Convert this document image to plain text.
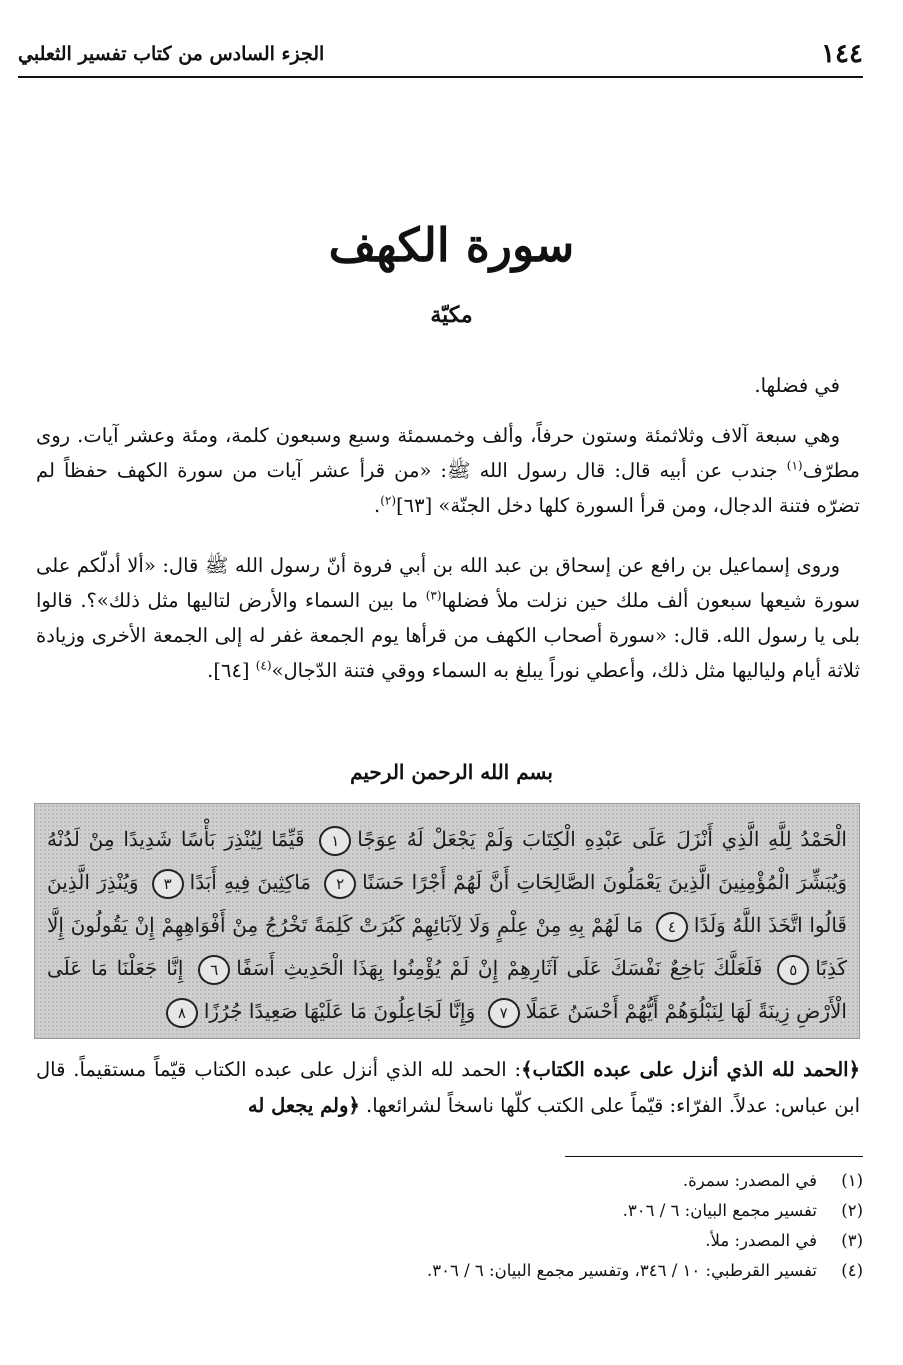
١٤٤
الجزء السادس من كتاب تفسير الثعلبي
سورة الكهف
مكيّة
في فضلها.
وهي سبعة آلاف وثلاثمئة وستون حرفاً، وألف وخمسمئة وسبع وسبعون كلمة، ومئة وعشر آيات. روى مطرّف$^{(١)}$ جندب عن أبيه قال: قال رسول الله ﷺ: «من قرأ عشر آيات من سورة الكهف حفظاً لم تضرّه فتنة الدجال، ومن قرأ السورة كلها دخل الجنّة» [٦٣]$^{(٢)}$.
وروى إسماعيل بن رافع عن إسحاق بن عبد الله بن أبي فروة أنّ رسول الله ﷺ قال: «ألا أدلّكم على سورة شيعها سبعون ألف ملك حين نزلت ملأ فضلها$^{(٣)}$ ما بين السماء والأرض لتاليها مثل ذلك»؟. قالوا بلى يا رسول الله. قال: «سورة أصحاب الكهف من قرأها يوم الجمعة غفر له إلى الجمعة الأخرى وزيادة ثلاثة أيام ولياليها مثل ذلك، وأعطي نوراً يبلغ به السماء ووقي فتنة الدّجال»$^{(٤)}$ [٦٤].
بسم الله الرحمن الرحيم
الْحَمْدُ لِلَّهِ الَّذِي أَنْزَلَ عَلَى عَبْدِهِ الْكِتَابَ وَلَمْ يَجْعَلْ لَهُ عِوَجًا١ قَيِّمًا لِيُنْذِرَ بَأْسًا شَدِيدًا مِنْ لَدُنْهُ وَيُبَشِّرَ الْمُؤْمِنِينَ الَّذِينَ يَعْمَلُونَ الصَّالِحَاتِ أَنَّ لَهُمْ أَجْرًا حَسَنًا٢ مَاكِثِينَ فِيهِ أَبَدًا٣ وَيُنْذِرَ الَّذِينَ قَالُوا اتَّخَذَ اللَّهُ وَلَدًا٤ مَا لَهُمْ بِهِ مِنْ عِلْمٍ وَلَا لِآبَائِهِمْ كَبُرَتْ كَلِمَةً تَخْرُجُ مِنْ أَفْوَاهِهِمْ إِنْ يَقُولُونَ إِلَّا كَذِبًا٥ فَلَعَلَّكَ بَاخِعٌ نَفْسَكَ عَلَى آثَارِهِمْ إِنْ لَمْ يُؤْمِنُوا بِهَذَا الْحَدِيثِ أَسَفًا٦ إِنَّا جَعَلْنَا مَا عَلَى الْأَرْضِ زِينَةً لَهَا لِنَبْلُوَهُمْ أَيُّهُمْ أَحْسَنُ عَمَلًا٧ وَإِنَّا لَجَاعِلُونَ مَا عَلَيْهَا صَعِيدًا جُرُزًا٨
﴿الحمد لله الذي أنزل على عبده الكتاب﴾: الحمد لله الذي أنزل على عبده الكتاب قيّماً مستقيماً. قال ابن عباس: عدلاً. الفرّاء: قيّماً على الكتب كلّها ناسخاً لشرائعها. ﴿ولم يجعل له
(١)
في المصدر: سمرة.
(٢)
تفسير مجمع البيان: ٦ / ٣٠٦.
(٣)
في المصدر: ملأ.
(٤)
تفسير القرطبي: ١٠ / ٣٤٦، وتفسير مجمع البيان: ٦ / ٣٠٦.
